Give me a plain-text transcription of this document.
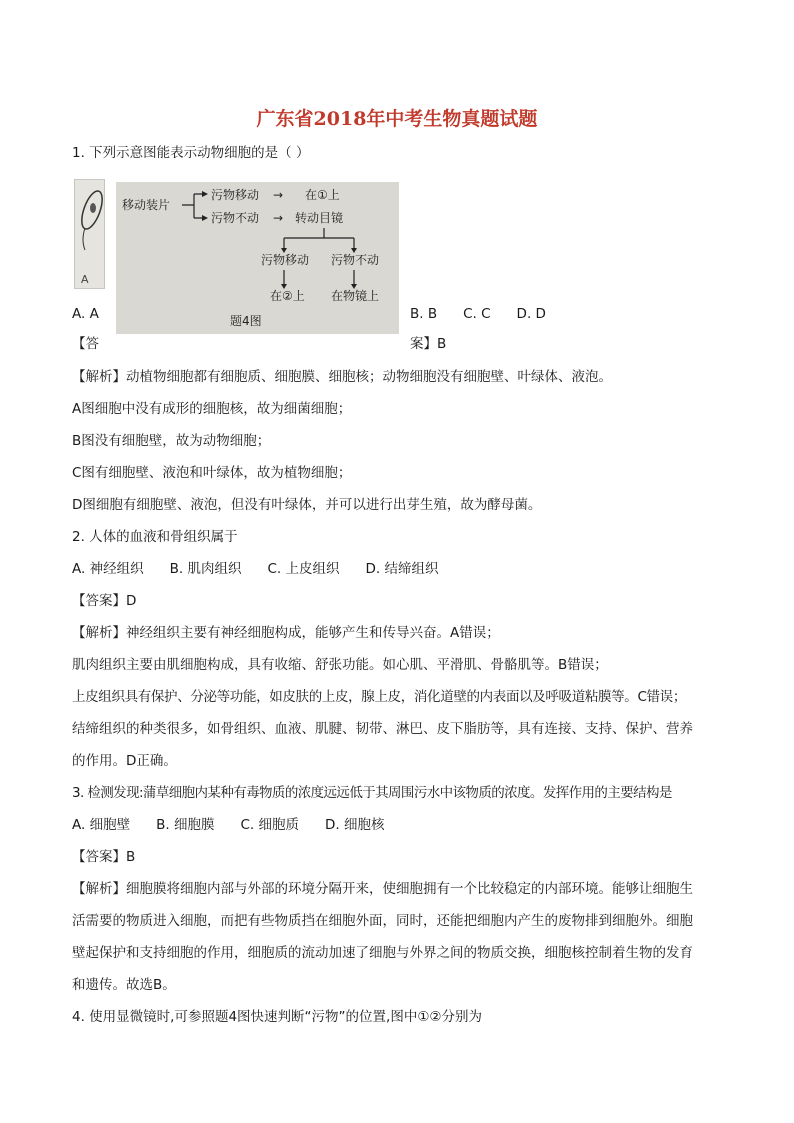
广东省2018年中考生物真题试题
1. 下列示意图能表示动物细胞的是（ ）
A
移动装片
污物移动 → 在①上
污物不动 → 转动目镜
污物移动 污物不动
在②上 在物镜上
题4图
A. A	B. B C. C D. D
【答	案】B
【解析】动植物细胞都有细胞质、细胞膜、细胞核；动物细胞没有细胞壁、叶绿体、液泡。
A图细胞中没有成形的细胞核，故为细菌细胞；
B图没有细胞壁，故为动物细胞；
C图有细胞壁、液泡和叶绿体，故为植物细胞；
D图细胞有细胞壁、液泡，但没有叶绿体，并可以进行出芽生殖，故为酵母菌。
2. 人体的血液和骨组织属于
A. 神经组织 B. 肌肉组织 C. 上皮组织 D. 结缔组织
【答案】D
【解析】神经组织主要有神经细胞构成，能够产生和传导兴奋。A错误；
肌肉组织主要由肌细胞构成，具有收缩、舒张功能。如心肌、平滑肌、骨骼肌等。B错误；
上皮组织具有保护、分泌等功能，如皮肤的上皮，腺上皮，消化道壁的内表面以及呼吸道粘膜等。C错误；
结缔组织的种类很多，如骨组织、血液、肌腱、韧带、淋巴、皮下脂肪等，具有连接、支持、保护、营养
的作用。D正确。
3. 检测发现:蒲草细胞内某种有毒物质的浓度远远低于其周围污水中该物质的浓度。发挥作用的主要结构是
A. 细胞壁 B. 细胞膜 C. 细胞质 D. 细胞核
【答案】B
【解析】细胞膜将细胞内部与外部的环境分隔开来，使细胞拥有一个比较稳定的内部环境。能够让细胞生
活需要的物质进入细胞，而把有些物质挡在细胞外面，同时，还能把细胞内产生的废物排到细胞外。细胞
壁起保护和支持细胞的作用，细胞质的流动加速了细胞与外界之间的物质交换，细胞核控制着生物的发育
和遗传。故选B。
4. 使用显微镜时,可参照题4图快速判断“污物”的位置,图中①②分别为
